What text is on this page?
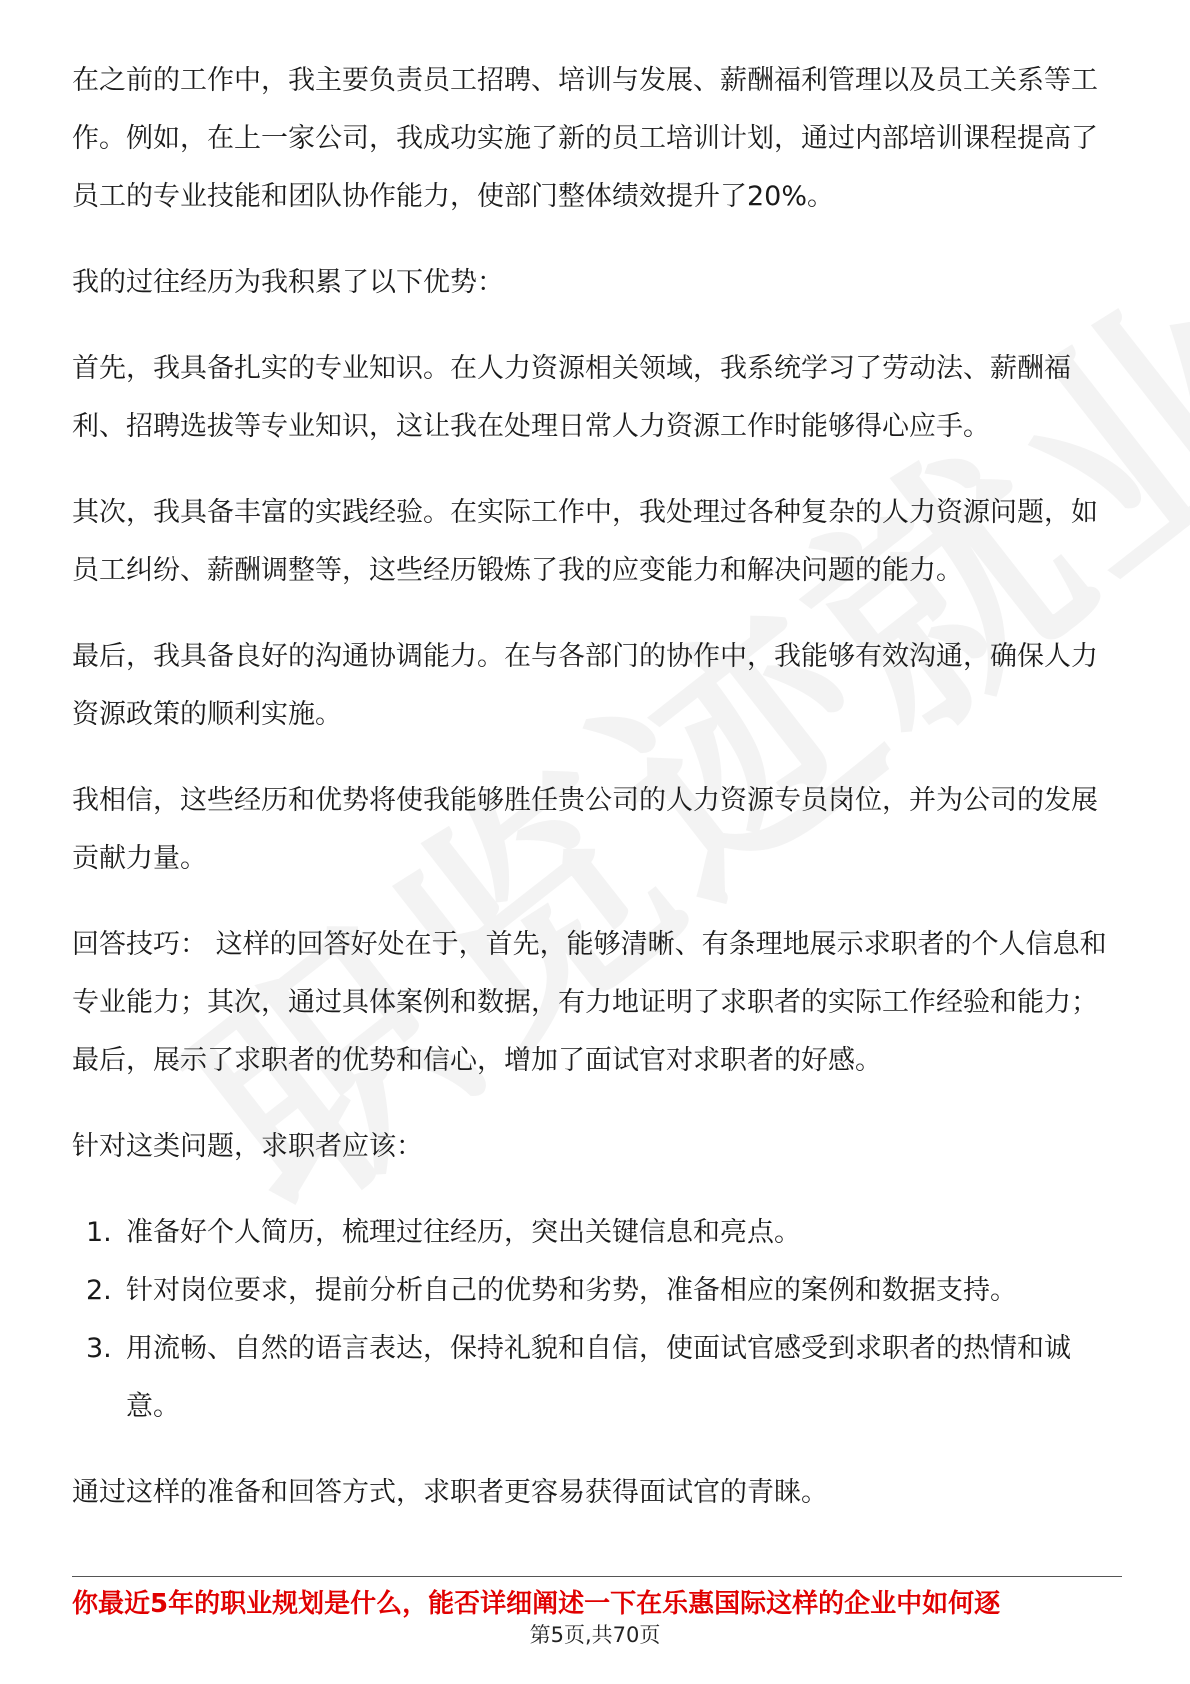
在之前的工作中，我主要负责员工招聘、培训与发展、薪酬福利管理以及员工关系等工作。例如，在上一家公司，我成功实施了新的员工培训计划，通过内部培训课程提高了员工的专业技能和团队协作能力，使部门整体绩效提升了20%。

我的过往经历为我积累了以下优势：

首先，我具备扎实的专业知识。在人力资源相关领域，我系统学习了劳动法、薪酬福利、招聘选拔等专业知识，这让我在处理日常人力资源工作时能够得心应手。

其次，我具备丰富的实践经验。在实际工作中，我处理过各种复杂的人力资源问题，如员工纠纷、薪酬调整等，这些经历锻炼了我的应变能力和解决问题的能力。

最后，我具备良好的沟通协调能力。在与各部门的协作中，我能够有效沟通，确保人力资源政策的顺利实施。

我相信，这些经历和优势将使我能够胜任贵公司的人力资源专员岗位，并为公司的发展贡献力量。

回答技巧： 这样的回答好处在于，首先，能够清晰、有条理地展示求职者的个人信息和专业能力；其次，通过具体案例和数据，有力地证明了求职者的实际工作经验和能力；最后，展示了求职者的优势和信心，增加了面试官对求职者的好感。

针对这类问题，求职者应该：

1. 准备好个人简历，梳理过往经历，突出关键信息和亮点。
2. 针对岗位要求，提前分析自己的优势和劣势，准备相应的案例和数据支持。
3. 用流畅、自然的语言表达，保持礼貌和自信，使面试官感受到求职者的热情和诚意。

通过这样的准备和回答方式，求职者更容易获得面试官的青睐。

你最近5年的职业规划是什么，能否详细阐述一下在乐惠国际这样的企业中如何逐
第5页,共70页
